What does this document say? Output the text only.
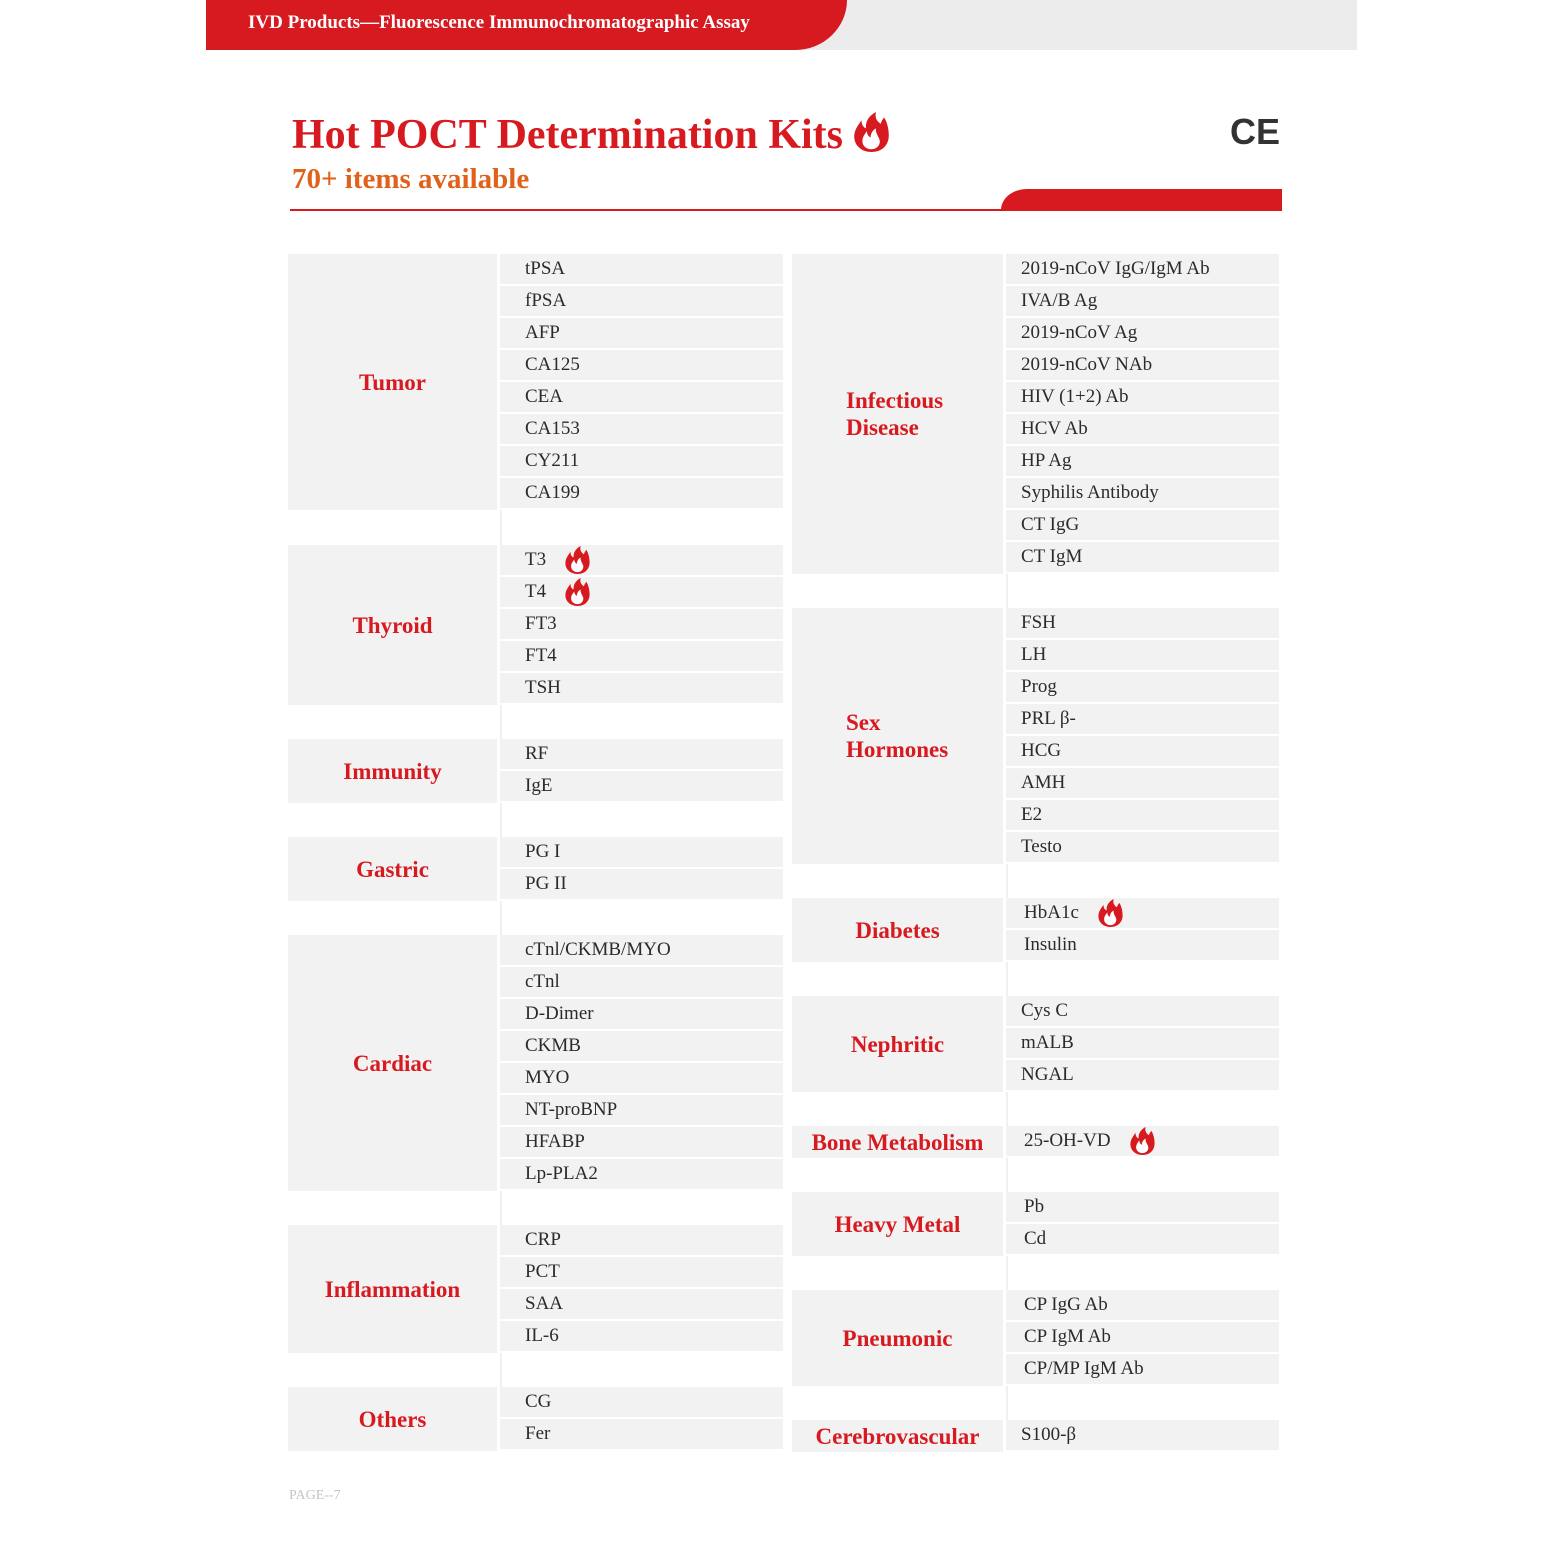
IVD Products—Fluorescence Immunochromatographic Assay
Hot POCT Determination Kits
70+ items available
CE
Tumor
tPSA
fPSA
AFP
CA125
CEA
CA153
CY211
CA199
Thyroid
T3
T4
FT3
FT4
TSH
Immunity
RF
IgE
Gastric
PG I
PG II
Cardiac
cTnl/CKMB/MYO
cTnl
D-Dimer
CKMB
MYO
NT-proBNP
HFABP
Lp-PLA2
Inflammation
CRP
PCT
SAA
IL-6
Others
CG
Fer
Infectious
Disease
2019-nCoV IgG/IgM Ab
IVA/B Ag
2019-nCoV Ag
2019-nCoV NAb
HIV (1+2) Ab
HCV Ab
HP Ag
Syphilis Antibody
CT IgG
CT IgM
Sex
Hormones
FSH
LH
Prog
PRL β-
HCG
AMH
E2
Testo
Diabetes
HbA1c
Insulin
Nephritic
Cys C
mALB
NGAL
Bone Metabolism	25-OH-VD
Heavy Metal
Pb
Cd
Pneumonic
CP IgG Ab
CP IgM Ab
CP/MP IgM Ab
Cerebrovascular	S100-β
PAGE--7
